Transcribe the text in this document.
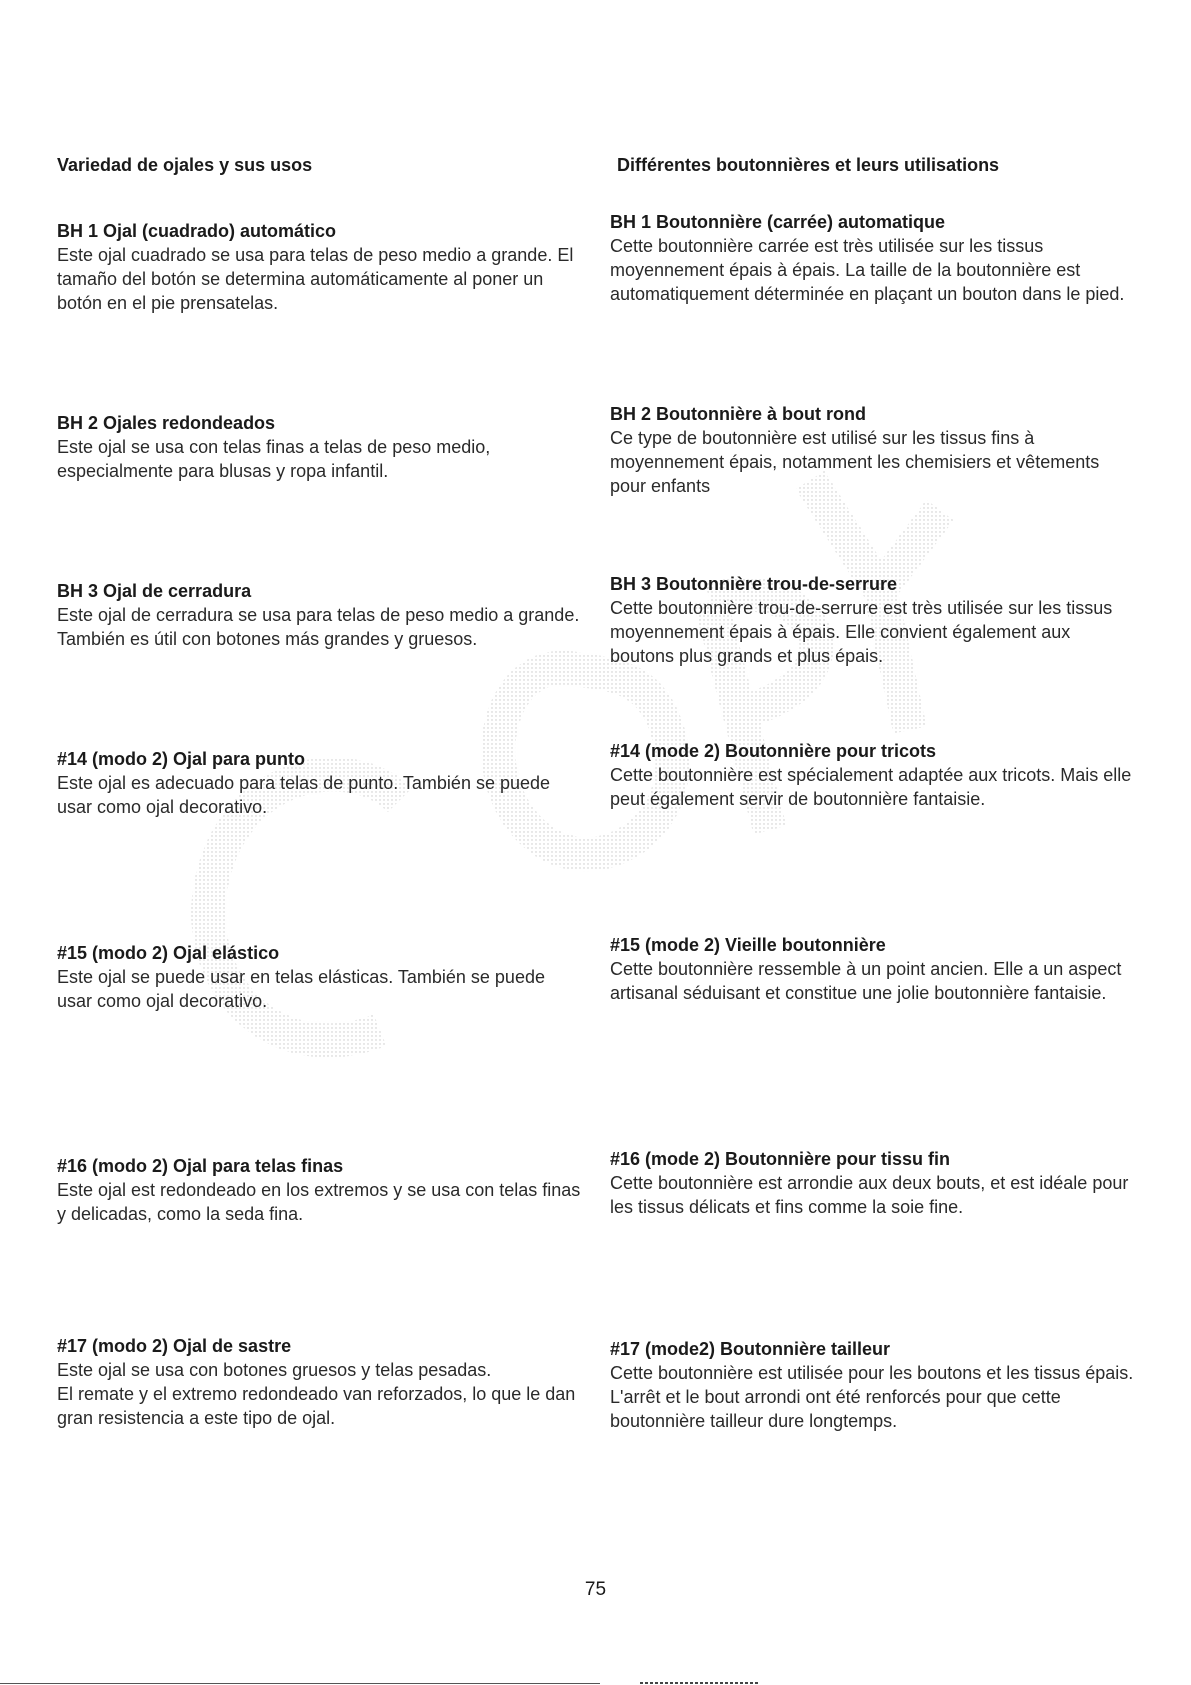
Variedad de ojales y sus usos	Différentes boutonnières et leurs utilisations
BH 1 Ojal (cuadrado) automático

Este ojal cuadrado se usa para telas de peso medio a grande. El tamaño del botón se determina automáticamente al poner un botón en el pie prensatelas.

BH 2 Ojales redondeados

Este ojal se usa con telas finas a telas de peso medio, especialmente para blusas y ropa infantil.

BH 3 Ojal de cerradura

Este ojal de cerradura se usa para telas de peso medio a grande. También es útil con botones más grandes y gruesos.

#14 (modo 2) Ojal para punto

Este ojal es adecuado para telas de punto. También se puede usar como ojal decorativo.

#15 (modo 2) Ojal elástico

Este ojal se puede usar en telas elásticas. También se puede usar como ojal decorativo.

#16 (modo 2) Ojal para telas finas

Este ojal est redondeado en los extremos y se usa con telas finas y delicadas, como la seda fina.

#17 (modo 2) Ojal de sastre

Este ojal se usa con botones gruesos y telas pesadas.

El remate y el extremo redondeado van reforzados, lo que le dan gran resistencia a este tipo de ojal.

BH 1 Boutonnière (carrée) automatique

Cette boutonnière carrée est très utilisée sur les tissus moyennement épais à épais. La taille de la boutonnière est automatiquement déterminée en plaçant un bouton dans le pied.

BH 2 Boutonnière à bout rond

Ce type de boutonnière est utilisé sur les tissus fins à moyennement épais, notamment les chemisiers et vêtements pour enfants

BH 3 Boutonnière trou-de-serrure

Cette boutonnière trou-de-serrure est très utilisée sur les tissus moyennement épais à épais. Elle convient également aux boutons plus grands et plus épais.

#14 (mode 2) Boutonnière pour tricots

Cette boutonnière est spécialement adaptée aux tricots. Mais elle peut également servir de boutonnière fantaisie.

#15 (mode 2) Vieille boutonnière

Cette boutonnière ressemble à un point ancien. Elle a un aspect artisanal séduisant et constitue une jolie boutonnière fantaisie.

#16 (mode 2) Boutonnière pour tissu fin

Cette boutonnière est arrondie aux deux bouts, et est idéale pour les tissus délicats et fins comme la soie fine.

#17 (mode2) Boutonnière tailleur

Cette boutonnière est utilisée pour les boutons et les tissus épais.

L'arrêt et le bout arrondi ont été renforcés pour que cette boutonnière tailleur dure longtemps.

75
